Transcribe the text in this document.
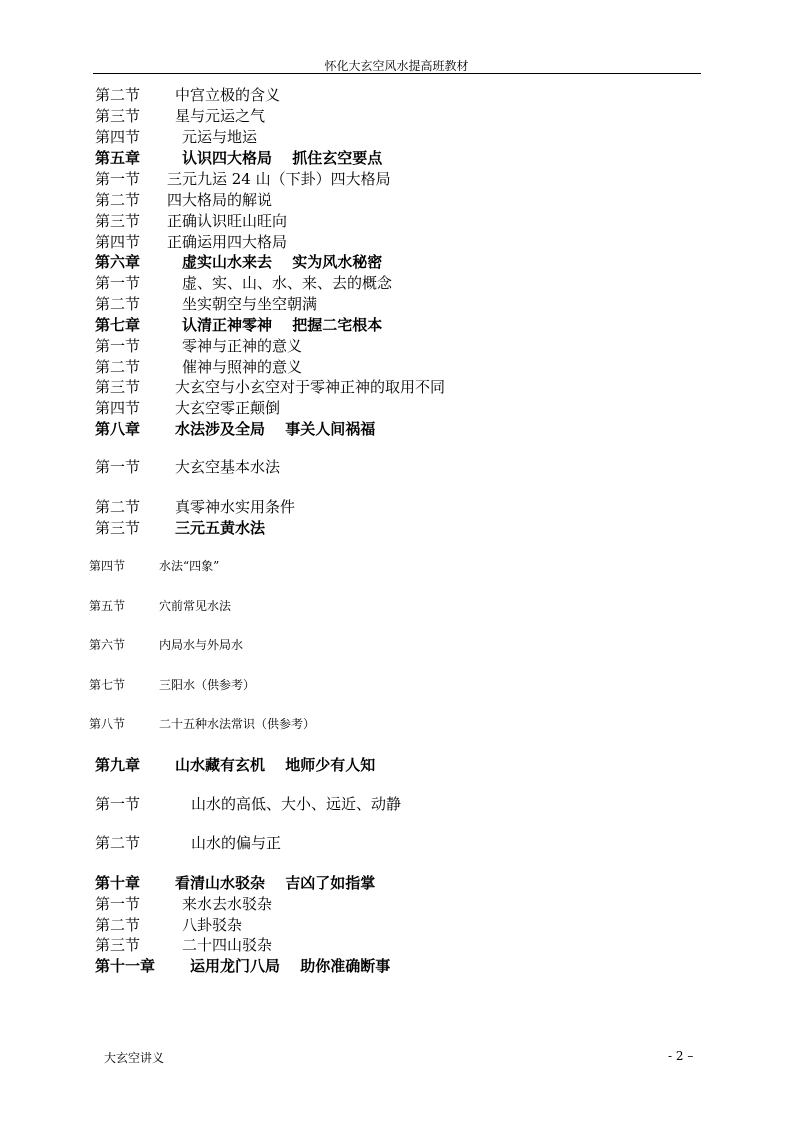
怀化大玄空风水提高班教材
第二节 中宫立极的含义
第三节 星与元运之气
第四节	元运与地运
第五章	认识四大格局　 抓住玄空要点
第一节 三元九运 24 山（下卦）四大格局
第二节 四大格局的解说
第三节 正确认识旺山旺向
第四节 正确运用四大格局
第六章	虚实山水来去　 实为风水秘密
第一节	虚、实、山、水、来、去的概念
第二节	坐实朝空与坐空朝满
第七章	认清正神零神　 把握二宅根本
第一节	零神与正神的意义
第二节	催神与照神的意义
第三节 大玄空与小玄空对于零神正神的取用不同
第四节 大玄空零正颠倒
第八章 水法涉及全局　 事关人间祸福
第一节 大玄空基本水法
第二节 真零神水实用条件
第三节 三元五黄水法
第四节	水法“四象”
第五节	穴前常见水法
第六节	内局水与外局水
第七节	三阳水（供参考）
第八节	二十五种水法常识（供参考）
第九章 山水藏有玄机　 地师少有人知
第一节	山水的高低、大小、远近、动静
第二节	山水的偏与正
第十章 看清山水驳杂　 吉凶了如指掌
第一节	来水去水驳杂
第二节	八卦驳杂
第三节	二十四山驳杂
第十一章 运用龙门八局　 助你准确断事
大玄空讲义	- 2 –
